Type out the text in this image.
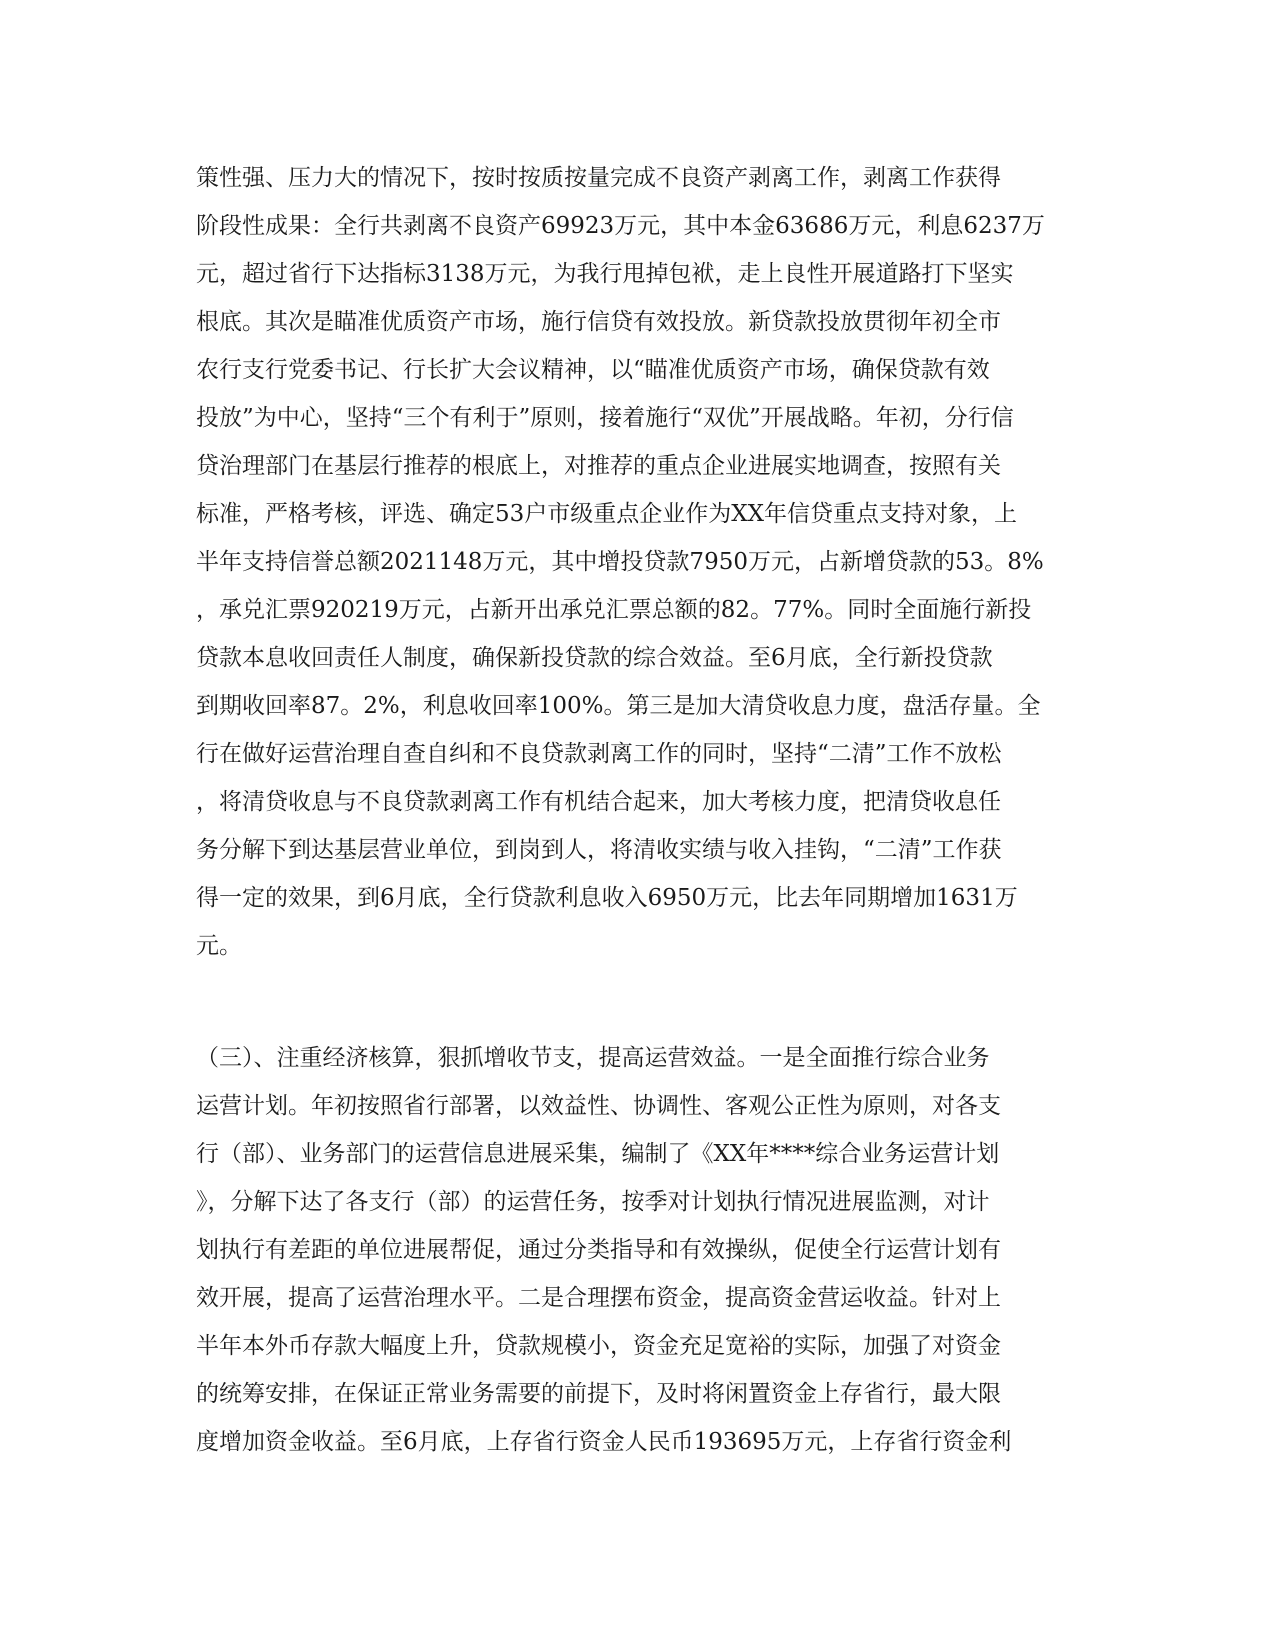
策性强、压力大的情况下，按时按质按量完成不良资产剥离工作，剥离工作获得
阶段性成果：全行共剥离不良资产69923万元，其中本金63686万元，利息6237万
元，超过省行下达指标3138万元，为我行甩掉包袱，走上良性开展道路打下坚实
根底。其次是瞄准优质资产市场，施行信贷有效投放。新贷款投放贯彻年初全市
农行支行党委书记、行长扩大会议精神，以“瞄准优质资产市场，确保贷款有效
投放”为中心，坚持“三个有利于”原则，接着施行“双优”开展战略。年初，分行信
贷治理部门在基层行推荐的根底上，对推荐的重点企业进展实地调查，按照有关
标准，严格考核，评选、确定53户市级重点企业作为XX年信贷重点支持对象，上
半年支持信誉总额2021148万元，其中增投贷款7950万元，占新增贷款的53。8%
，承兑汇票920219万元，占新开出承兑汇票总额的82。77%。同时全面施行新投
贷款本息收回责任人制度，确保新投贷款的综合效益。至6月底，全行新投贷款
到期收回率87。2%，利息收回率100%。第三是加大清贷收息力度，盘活存量。全
行在做好运营治理自查自纠和不良贷款剥离工作的同时，坚持“二清”工作不放松
，将清贷收息与不良贷款剥离工作有机结合起来，加大考核力度，把清贷收息任
务分解下到达基层营业单位，到岗到人，将清收实绩与收入挂钩，“二清”工作获
得一定的效果，到6月底，全行贷款利息收入6950万元，比去年同期增加1631万
元。
（三）、注重经济核算，狠抓增收节支，提高运营效益。一是全面推行综合业务
运营计划。年初按照省行部署，以效益性、协调性、客观公正性为原则，对各支
行（部）、业务部门的运营信息进展采集，编制了《XX年****综合业务运营计划
》，分解下达了各支行（部）的运营任务，按季对计划执行情况进展监测，对计
划执行有差距的单位进展帮促，通过分类指导和有效操纵，促使全行运营计划有
效开展，提高了运营治理水平。二是合理摆布资金，提高资金营运收益。针对上
半年本外币存款大幅度上升，贷款规模小，资金充足宽裕的实际，加强了对资金
的统筹安排，在保证正常业务需要的前提下，及时将闲置资金上存省行，最大限
度增加资金收益。至6月底，上存省行资金人民币193695万元，上存省行资金利
